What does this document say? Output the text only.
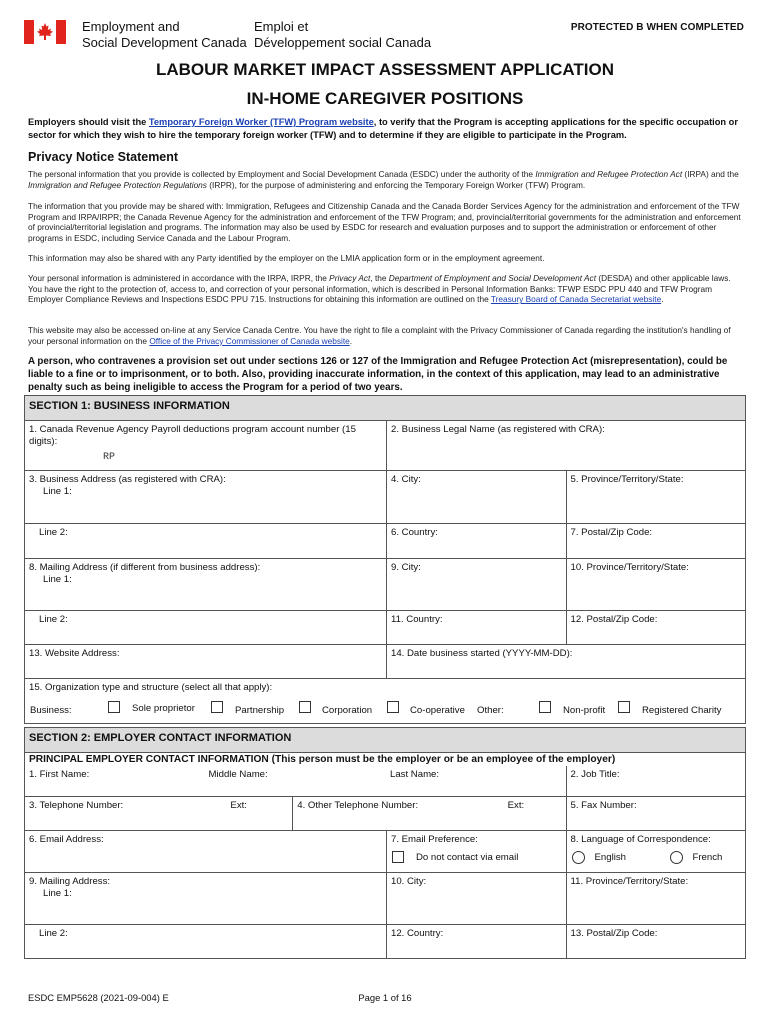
Employment and
Social Development Canada
Emploi et
Développement social Canada
PROTECTED B WHEN COMPLETED
LABOUR MARKET IMPACT ASSESSMENT APPLICATION
IN-HOME CAREGIVER POSITIONS
Employers should visit the Temporary Foreign Worker (TFW) Program website, to verify that the Program is accepting applications for the specific occupation or sector for which they wish to hire the temporary foreign worker (TFW) and to determine if they are eligible to participate in the Program.
Privacy Notice Statement
The personal information that you provide is collected by Employment and Social Development Canada (ESDC) under the authority of the Immigration and Refugee Protection Act (IRPA) and the Immigration and Refugee Protection Regulations (IRPR), for the purpose of administering and enforcing the Temporary Foreign Worker (TFW) Program.
The information that you provide may be shared with: Immigration, Refugees and Citizenship Canada and the Canada Border Services Agency for the administration and enforcement of the TFW Program and IRPA/IRPR; the Canada Revenue Agency for the administration and enforcement of the TFW Program; and, provincial/territorial governments for the administration and enforcement of provincial/territorial legislation and programs. The information may also be used by ESDC for research and evaluation purposes and to support the administration or enforcement of other programs in ESDC, including Service Canada and the Labour Program.
This information may also be shared with any Party identified by the employer on the LMIA application form or in the employment agreement.
Your personal information is administered in accordance with the IRPA, IRPR, the Privacy Act, the Department of Employment and Social Development Act (DESDA) and other applicable laws. You have the right to the protection of, access to, and correction of your personal information, which is described in Personal Information Banks: TFWP ESDC PPU 440 and TFW Program Employer Compliance Reviews and Inspections ESDC PPU 715. Instructions for obtaining this information are outlined on the Treasury Board of Canada Secretariat website.
This website may also be accessed on-line at any Service Canada Centre. You have the right to file a complaint with the Privacy Commissioner of Canada regarding the institution's handling of your personal information on the Office of the Privacy Commissioner of Canada website.
A person, who contravenes a provision set out under sections 126 or 127 of the Immigration and Refugee Protection Act (misrepresentation), could be liable to a fine or to imprisonment, or to both. Also, providing inaccurate information, in the context of this application, may lead to an administrative penalty such as being ineligible to access the Program for a period of two years.
SECTION 1: BUSINESS INFORMATION
1. Canada Revenue Agency Payroll deductions program account number (15 digits):
RP
2. Business Legal Name (as registered with CRA):
3. Business Address (as registered with CRA):
Line 1:
4. City:	5. Province/Territory/State:
Line 2:	6. Country:	7. Postal/Zip Code:
8. Mailing Address (if different from business address):
Line 1:
9. City:	10. Province/Territory/State:
Line 2:	11. Country:	12. Postal/Zip Code:
13. Website Address:	14. Date business started (YYYY-MM-DD):
15. Organization type and structure (select all that apply):
Business:	Sole proprietor	Partnership	Corporation	Co-operative Other:	Non-profit	Registered Charity
SECTION 2: EMPLOYER CONTACT INFORMATION
PRINCIPAL EMPLOYER CONTACT INFORMATION (This person must be the employer or be an employee of the employer)
1. First Name:	Middle Name:	Last Name:	2. Job Title:
3. Telephone Number:	Ext:	4. Other Telephone Number:	Ext:	5. Fax Number:
6. Email Address:	7. Email Preference:
Do not contact via email
8. Language of Correspondence:
English	French
9. Mailing Address:
Line 1:
10. City:	11. Province/Territory/State:
Line 2:	12. Country:	13. Postal/Zip Code:
ESDC EMP5628 (2021-09-004) E	Page 1 of 16
